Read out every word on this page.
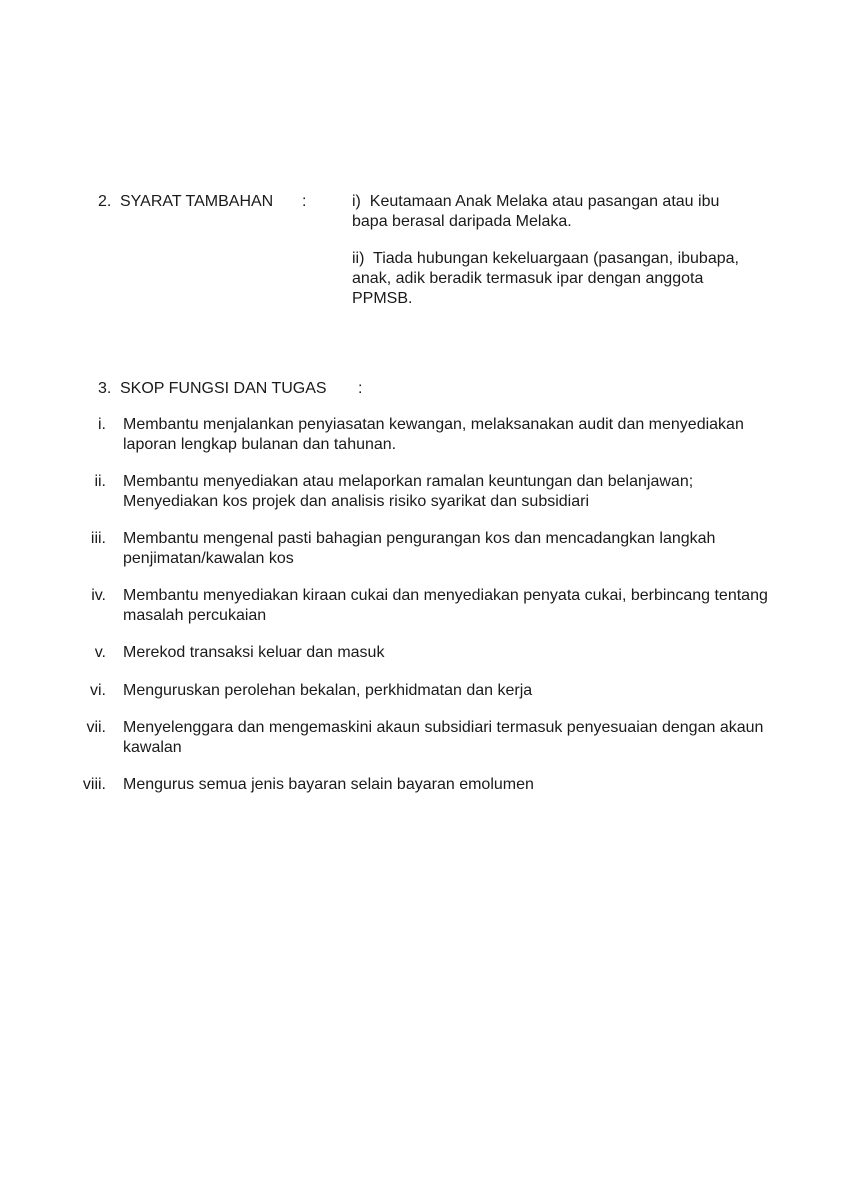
2. SYARAT TAMBAHAN :	i)  Keutamaan Anak Melaka atau pasangan atau ibu
bapa berasal daripada Melaka.
ii)  Tiada hubungan kekeluargaan (pasangan, ibubapa,
anak, adik beradik termasuk ipar dengan anggota
PPMSB.
3. SKOP FUNGSI DAN TUGAS :
i. Membantu menjalankan penyiasatan kewangan, melaksanakan audit dan menyediakan
laporan lengkap bulanan dan tahunan.
ii. Membantu menyediakan atau melaporkan ramalan keuntungan dan belanjawan;
Menyediakan kos projek dan analisis risiko syarikat dan subsidiari
iii. Membantu mengenal pasti bahagian pengurangan kos dan mencadangkan langkah
penjimatan/kawalan kos
iv. Membantu menyediakan kiraan cukai dan menyediakan penyata cukai, berbincang tentang
masalah percukaian
v. Merekod transaksi keluar dan masuk
vi. Menguruskan perolehan bekalan, perkhidmatan dan kerja
vii. Menyelenggara dan mengemaskini akaun subsidiari termasuk penyesuaian dengan akaun
kawalan
viii. Mengurus semua jenis bayaran selain bayaran emolumen
